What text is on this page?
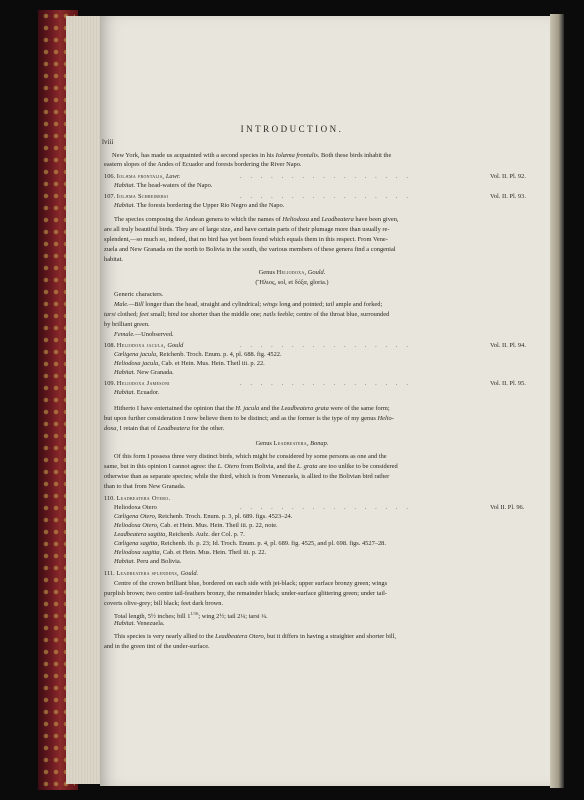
INTRODUCTION.
lviii
New York, has made us acquainted with a second species in his Iolæma frontalis. Both these birds inhabit the
eastern slopes of the Andes of Ecuador and forests bordering the River Napo.
106. Iolæma frontalis, Lawr.	. . . . . . . . . . . . . . . . .	Vol. II. Pl. 92.
Habitat. The head-waters of the Napo.
107. Iolæma Schreibersi	. . . . . . . . . . . . . . . . .	Vol. II. Pl. 93.
Habitat. The forests bordering the Upper Rio Negro and the Napo.
The species composing the Andean genera to which the names of Heliodoxa and Leadbeatera have been given,
are all truly beautiful birds. They are of large size, and have certain parts of their plumage more than usually re-
splendent,—so much so, indeed, that no bird has yet been found which equals them in this respect. From Vene-
zuela and New Granada on the north to Bolivia in the south, the various members of these genera find a congenial
habitat.
Genus Heliodoxa, Gould.
(Ἥλιος, sol, et δόξα, gloria.)
Generic characters.
Male.—Bill longer than the head, straight and cylindrical; wings long and pointed; tail ample and forked;
tarsi clothed; feet small; hind toe shorter than the middle one; nails feeble; centre of the throat blue, surrounded
by brilliant green.
Female.—Unobserved.
108. Heliodoxa jacula, Gould	. . . . . . . . . . . . . . . . .	Vol. II. Pl. 94.
Cœligena jacula, Reichenb. Troch. Enum. p. 4, pl. 688. fig. 4522.
Heliodoxa jacula, Cab. et Hein. Mus. Hein. Theil iii. p. 22.
Habitat. New Granada.
109. Heliodoxa Jamesoni	. . . . . . . . . . . . . . . . .	Vol. II. Pl. 95.
Habitat. Ecuador.
Hitherto I have entertained the opinion that the H. jacula and the Leadbeatera grata were of the same form;
but upon further consideration I now believe them to be distinct; and as the former is the type of my genus Helio-
doxa, I retain that of Leadbeatera for the other.
Genus Leadbeatera, Bonap.
Of this form I possess three very distinct birds, which might be considered by some persons as one and the
same, but in this opinion I cannot agree: the L. Otero from Bolivia, and the L. grata are too unlike to be considered
otherwise than as separate species; while the third, which is from Venezuela, is allied to the Bolivian bird rather
than to that from New Granada.
110. Leadbeatera Otero.
Heliodoxa Otero	. . . . . . . . . . . . . . . . .	Vol II. Pl. 96.
Cœligena Otero, Reichenb. Troch. Enum. p. 3, pl. 689. figs. 4523–24.
Heliodoxa Otero, Cab. et Hein. Mus. Hein. Theil iii. p. 22, note.
Leadbeatera sagitta, Reichenb. Aufz. der Col. p. 7.
Cœligena sagitta, Reichenb. ib. p. 23; Id. Troch. Enum. p. 4, pl. 689. fig. 4525, and pl. 698. figs. 4527–28.
Heliodoxa sagitta, Cab. et Hein. Mus. Hein. Theil iii. p. 22.
Habitat. Peru and Bolivia.
111. Leadbeatera splendens, Gould.
Centre of the crown brilliant blue, bordered on each side with jet-black; upper surface bronzy green; wings
purplish brown; two centre tail-feathers bronzy, the remainder black; under-surface glittering green; under tail-
coverts olive-grey; bill black; feet dark brown.
Total length, 5½ inches; bill $1^{1/16}$; wing 2½; tail 2¼; tarsi ¼.
Habitat. Venezuela.
This species is very nearly allied to the Leadbeatera Otero, but it differs in having a straighter and shorter bill,
and in the green tint of the under-surface.
